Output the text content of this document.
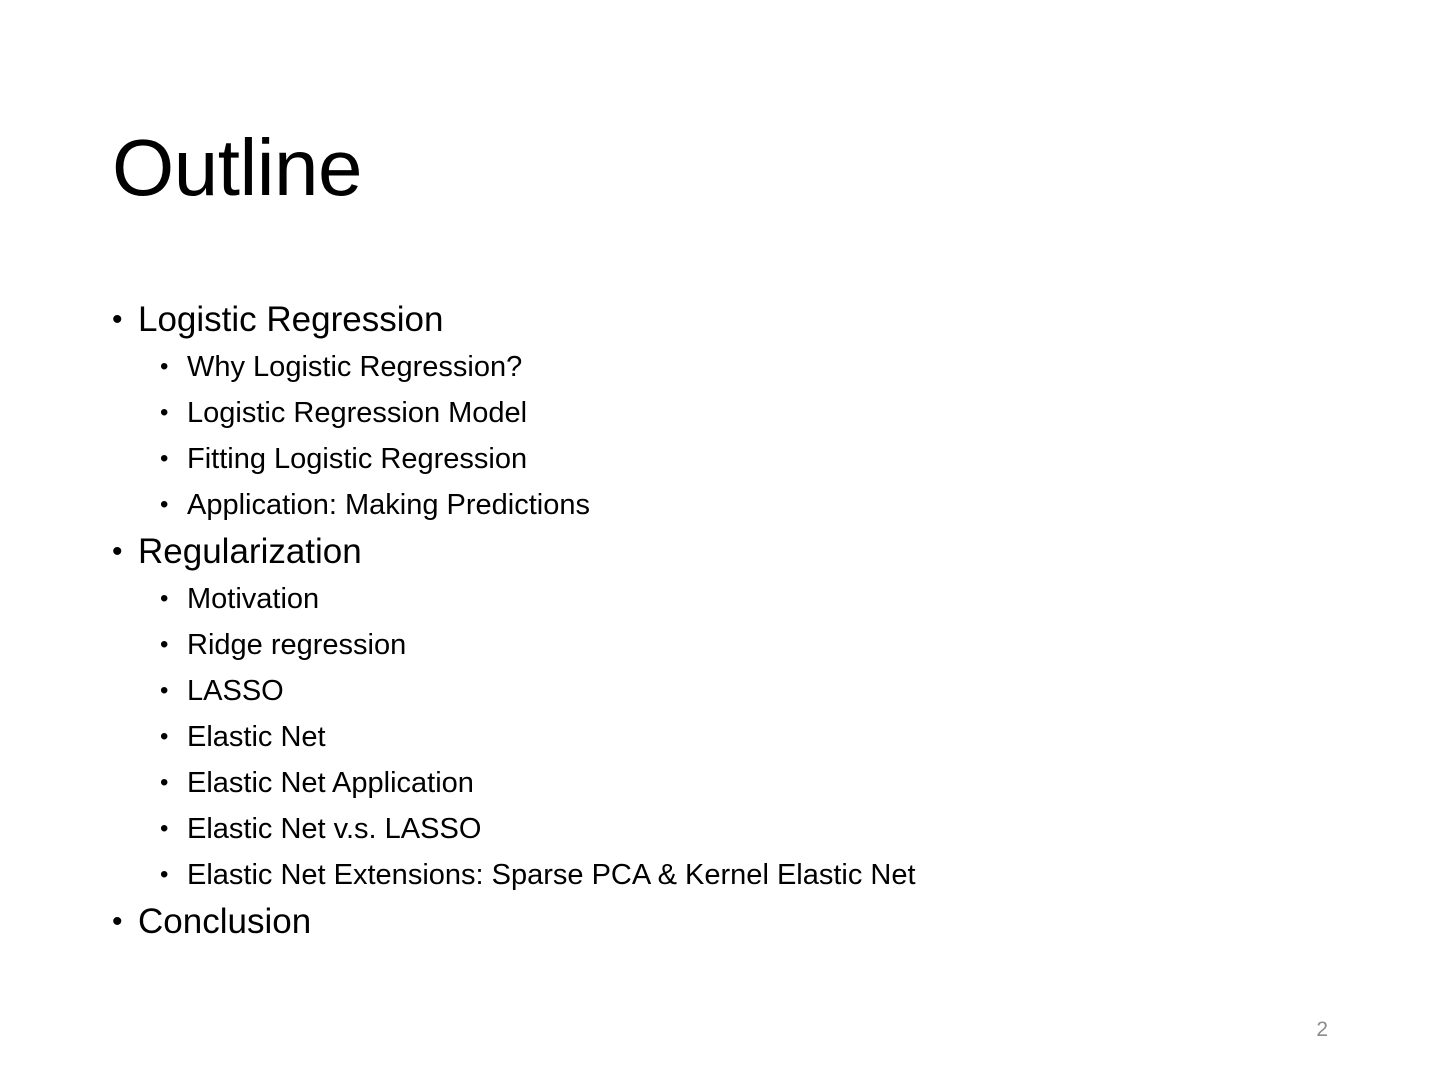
Outline
• Logistic Regression
• Why Logistic Regression?
• Logistic Regression Model
• Fitting Logistic Regression
• Application: Making Predictions
• Regularization
• Motivation
• Ridge regression
• LASSO
• Elastic Net
• Elastic Net Application
• Elastic Net v.s. LASSO
• Elastic Net Extensions: Sparse PCA & Kernel Elastic Net
• Conclusion
2
